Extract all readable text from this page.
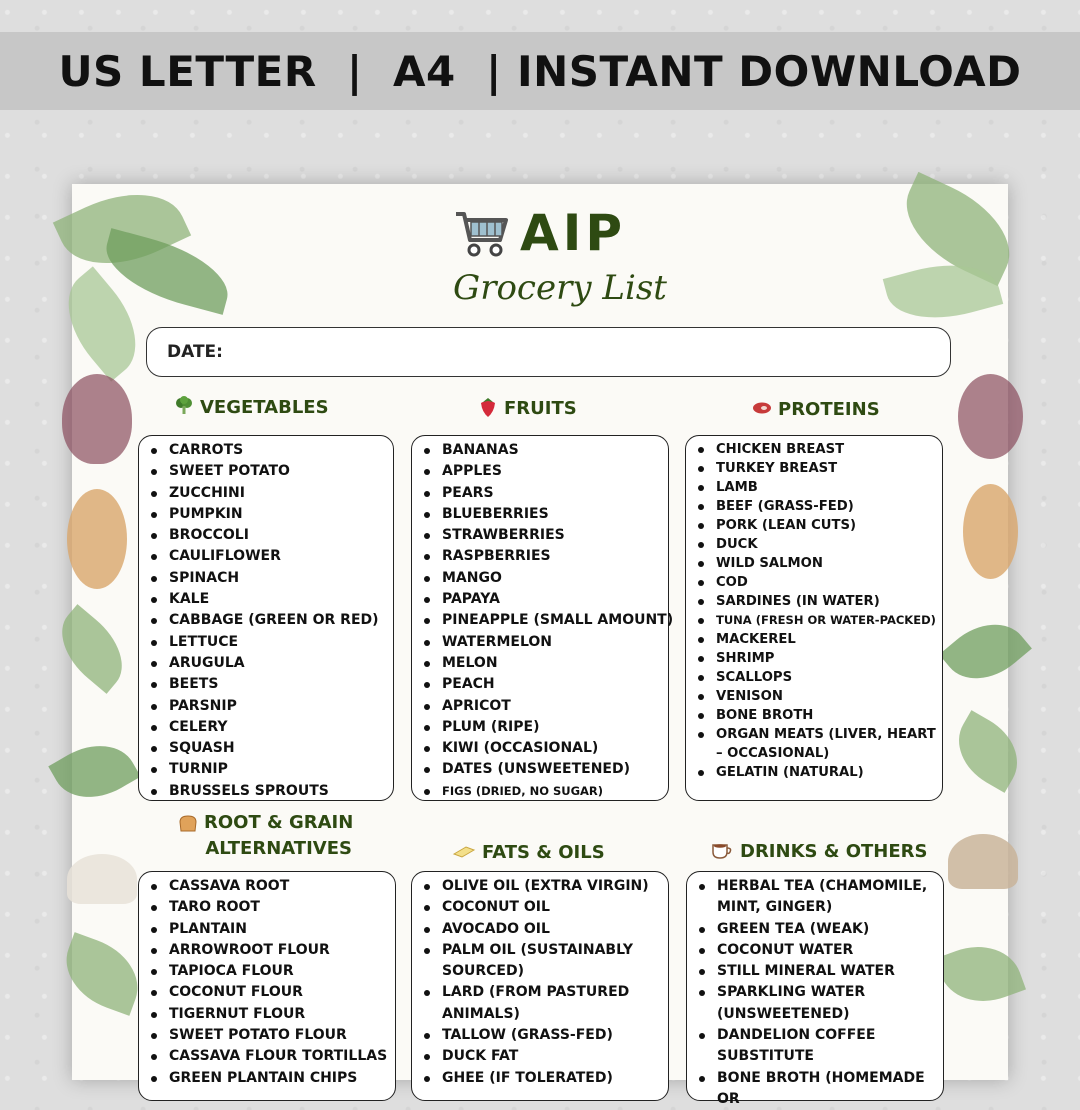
US LETTER  |  A4  | INSTANT DOWNLOAD
AIP
Grocery List
DATE:
VEGETABLES	FRUITS	PROTEINS
CARROTS
SWEET POTATO
ZUCCHINI
PUMPKIN
BROCCOLI
CAULIFLOWER
SPINACH
KALE
CABBAGE (GREEN OR RED)
LETTUCE
ARUGULA
BEETS
PARSNIP
CELERY
SQUASH
TURNIP
BRUSSELS SPROUTS
BANANAS
APPLES
PEARS
BLUEBERRIES
STRAWBERRIES
RASPBERRIES
MANGO
PAPAYA
PINEAPPLE (SMALL AMOUNT)
WATERMELON
MELON
PEACH
APRICOT
PLUM (RIPE)
KIWI (OCCASIONAL)
DATES (UNSWEETENED)
FIGS (DRIED, NO SUGAR)
CHICKEN BREAST
TURKEY BREAST
LAMB
BEEF (GRASS-FED)
PORK (LEAN CUTS)
DUCK
WILD SALMON
COD
SARDINES (IN WATER)
TUNA (FRESH OR WATER-PACKED)
MACKEREL
SHRIMP
SCALLOPS
VENISON
BONE BROTH
ORGAN MEATS (LIVER, HEART – OCCASIONAL)
GELATIN (NATURAL)
ROOT & GRAIN
ALTERNATIVES	FATS & OILS	DRINKS & OTHERS
CASSAVA ROOT
TARO ROOT
PLANTAIN
ARROWROOT FLOUR
TAPIOCA FLOUR
COCONUT FLOUR
TIGERNUT FLOUR
SWEET POTATO FLOUR
CASSAVA FLOUR TORTILLAS
GREEN PLANTAIN CHIPS
OLIVE OIL (EXTRA VIRGIN)
COCONUT OIL
AVOCADO OIL
PALM OIL (SUSTAINABLY SOURCED)
LARD (FROM PASTURED ANIMALS)
TALLOW (GRASS-FED)
DUCK FAT
GHEE (IF TOLERATED)
HERBAL TEA (CHAMOMILE, MINT, GINGER)
GREEN TEA (WEAK)
COCONUT WATER
STILL MINERAL WATER
SPARKLING WATER (UNSWEETENED)
DANDELION COFFEE SUBSTITUTE
BONE BROTH (HOMEMADE OR
